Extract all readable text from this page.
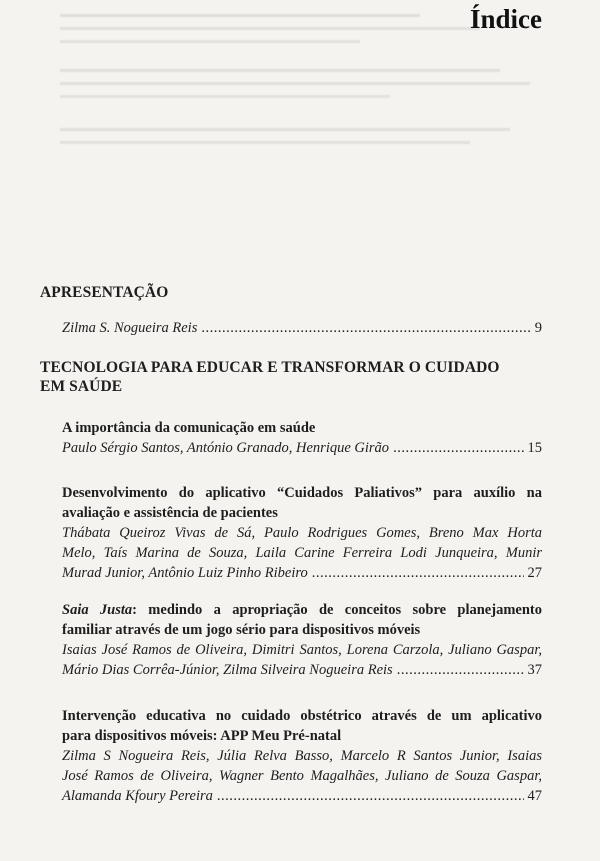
Índice
APRESENTAÇÃO
Zilma S. Nogueira Reis .....	9
TECNOLOGIA PARA EDUCAR E TRANSFORMAR O CUIDADO
EM SAÚDE

A importância da comunicação em saúde

Paulo Sérgio Santos, António Granado, Henrique Girão .....	15

Desenvolvimento do aplicativo “Cuidados Paliativos” para auxílio na

avaliação e assistência de pacientes

Thábata Queiroz Vivas de Sá, Paulo Rodrigues Gomes, Breno Max Horta

Melo, Taís Marina de Souza, Laila Carine Ferreira Lodi Junqueira, Munir

Murad Junior, Antônio Luiz Pinho Ribeiro .....	27

Saia Justa: medindo a apropriação de conceitos sobre planejamento

familiar através de um jogo sério para dispositivos móveis

Isaias José Ramos de Oliveira, Dimitri Santos, Lorena Carzola, Juliano Gaspar,

Mário Dias Corrêa-Júnior, Zilma Silveira Nogueira Reis .....	37

Intervenção educativa no cuidado obstétrico através de um aplicativo

para dispositivos móveis: APP Meu Pré-natal

Zilma S Nogueira Reis, Júlia Relva Basso, Marcelo R Santos Junior, Isaias

José Ramos de Oliveira, Wagner Bento Magalhães, Juliano de Souza Gaspar,

Alamanda Kfoury Pereira .....	47
